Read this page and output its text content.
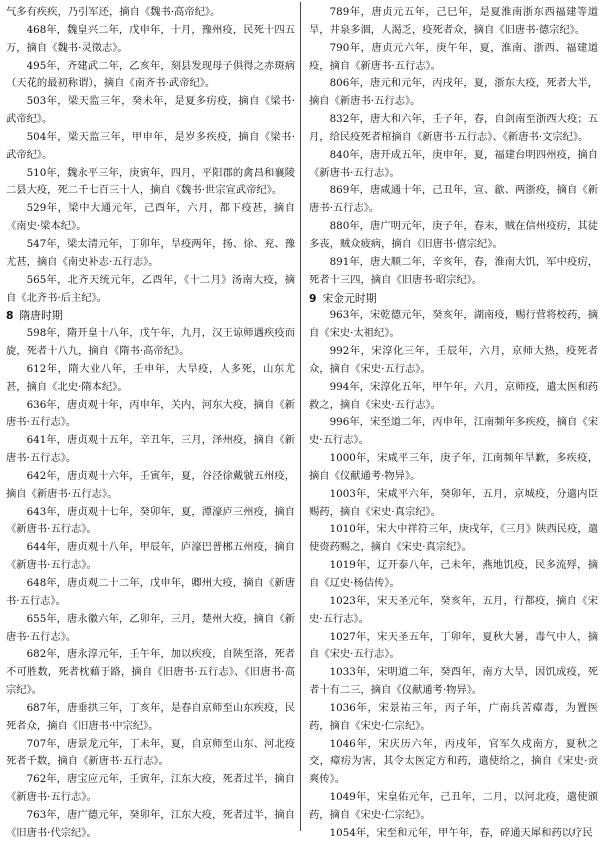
气多有疾疾，乃引军还，摘自《魏书·高帝纪》。

468年，魏皇兴二年，戊申年，十月，豫州疫，民死十四五万，摘自《魏书·灵徵志》。

495年，齐建武二年，乙亥年，刻县发现母子俱得之赤斑病（天花的最初称谓），摘自《南齐书·武帝纪》。

503年，梁天监三年，癸未年，是夏多疠疫，摘自《梁书·武帝纪》。

504年，梁天监三年，甲申年，是岁多疾疫，摘自《梁书·武帝纪》。

510年，魏永平三年，庚寅年，四月，平阳郡的禽昌和襄陵二县大疫，死二千七百三十人，摘自《魏书·世宗宣武帝纪》。

529年，梁中大通元年，己酉年，六月，都下疫甚，摘自《南史·梁本纪》。

547年，梁太清元年，丁卯年，旱疫两年，扬、徐、兖、豫尤甚，摘自《南史补志·五行志》。

565年，北齐天统元年，乙酉年，《十二月》汤南大疫，摘自《北齐书·后主纪》。

8 隋唐时期

598年，隋开皇十八年，戊午年，九月，汉王谅师遇疾疫而旋，死者十八九，摘自《隋书·高帝纪》。

612年，隋大业八年，壬申年，大旱疫，人多死，山东尤甚，摘自《北史·隋本纪》。

636年，唐贞观十年，丙申年，关内，河东大疫，摘自《新唐书·五行志》。

641年，唐贞观十五年，辛丑年，三月，泽州疫，摘自《新唐书·五行志》。

642年，唐贞观十六年，壬寅年，夏，谷泾徐戴虢五州疫，摘自《新唐书·五行志》。

643年，唐贞观十七年，癸卯年，夏，潭濠庐三州疫，摘自《新唐书·五行志》。

644年，唐贞观十八年，甲辰年，庐濠巴普郴五州疫，摘自《新唐书·五行志》。

648年，唐贞观二十二年，戊申年，卿州大疫，摘自《新唐书·五行志》。

655年，唐永徽六年，乙卯年，三月，楚州大疫，摘自《新唐书·五行志》。

682年，唐永淳元年，壬午年，加以疾疫，自陕至洛，死者不可胜数，死者枕藉于路，摘自《旧唐书·五行志》、《旧唐书·高宗纪》。

687年，唐垂拱三年，丁亥年，是春自京师至山东疾疫，民死者众，摘自《旧唐书·中宗纪》。

707年，唐景龙元年，丁未年，夏，自京师至山东、河北疫死者千数，摘自《新唐书·五行志》。

762年，唐宝应元年，壬寅年，江东大疫，死者过半，摘自《新唐书·五行志》。

763年，唐广德元年，癸卯年，江东大疫，死者过半，摘自《旧唐书·代宗纪》。

789年，唐贞元五年，己巳年，是夏淮南浙东西福建等道旱，井泉多涸，人渴乏，疫死者众，摘自《旧唐书·德宗纪》。

790年，唐贞元六年，庚午年，夏，淮南、浙西、福建道疫，摘自《新唐书·五行志》。

806年，唐元和元年，丙戌年，夏，浙东大疫，死者大半，摘自《新唐书·五行志》。

832年，唐大和六年，壬子年，春，自剑南至浙西大疫；五月，给民疫死者棺摘自《新唐书·五行志》、《新唐书·文宗纪》。

840年，唐开成五年，庚申年，夏，福建台明四州疫，摘自《新唐书·五行志》。

869年，唐咸通十年，己丑年，宣、歙、两浙疫，摘自《新唐书·五行志》。

880年，唐广明元年，庚子年，春末，贼在信州疫疠，其徒多丧，贼众疲病，摘自《旧唐书·僖宗纪》。

891年，唐大顺二年，辛亥年，春，淮南大饥，军中疫疠，死者十三四，摘自《旧唐书·昭宗纪》。

9 宋金元时期

963年，宋乾德元年，癸亥年，湖南疫，赐行营将校药，摘自《宋史·太祖纪》。

992年，宋淳化三年，壬辰年，六月，京师大热，疫死者众，摘自《宋史·五行志》。

994年，宋淳化五年，甲午年，六月，京师疫，遣太医和药救之，摘自《宋史·五行志》。

996年，宋至道二年，丙申年，江南频年多疾疫，摘自《宋史·五行志》。

1000年，宋咸平三年，庚子年，江南频年旱歉，多疾疫，摘自《仪献通考·物异》。

1003年，宋咸平六年，癸卯年，五月，京城疫，分遣内臣赐药，摘自《宋史·真宗纪》。

1010年，宋大中祥符三年，庚戌年，《三月》陕西民疫，遣使赍药赐之，摘自《宋史·真宗纪》。

1019年，辽开泰八年，己未年，燕地饥疫，民多流殍，摘自《辽史·杨佶传》。

1023年，宋天圣元年，癸亥年，五月，行都疫，摘自《宋史·五行志》。

1027年，宋天圣五年，丁卯年，夏秋大暑，毒气中人，摘自《宋史·五行志》。

1033年，宋明道二年，癸酉年，南方大旱，因饥成疫，死者十有二三，摘自《仪献通考·物异》。

1036年，宋景祐三年，丙子年，广南兵苦瘴毒，为置医药，摘自《宋史·仁宗纪》。

1046年，宋庆历六年，丙戌年，官军久戍南方，夏秋之交，瘴疠为害，其令太医定方和药，遣使给之，摘自《宋史·贡爽传》。

1049年，宋皇佑元年，己丑年，二月，以河北疫，遣使颁药，摘自《宋史·仁宗纪》。

1054年，宋至和元年，甲午年，春，碎通天犀和药以疗民
